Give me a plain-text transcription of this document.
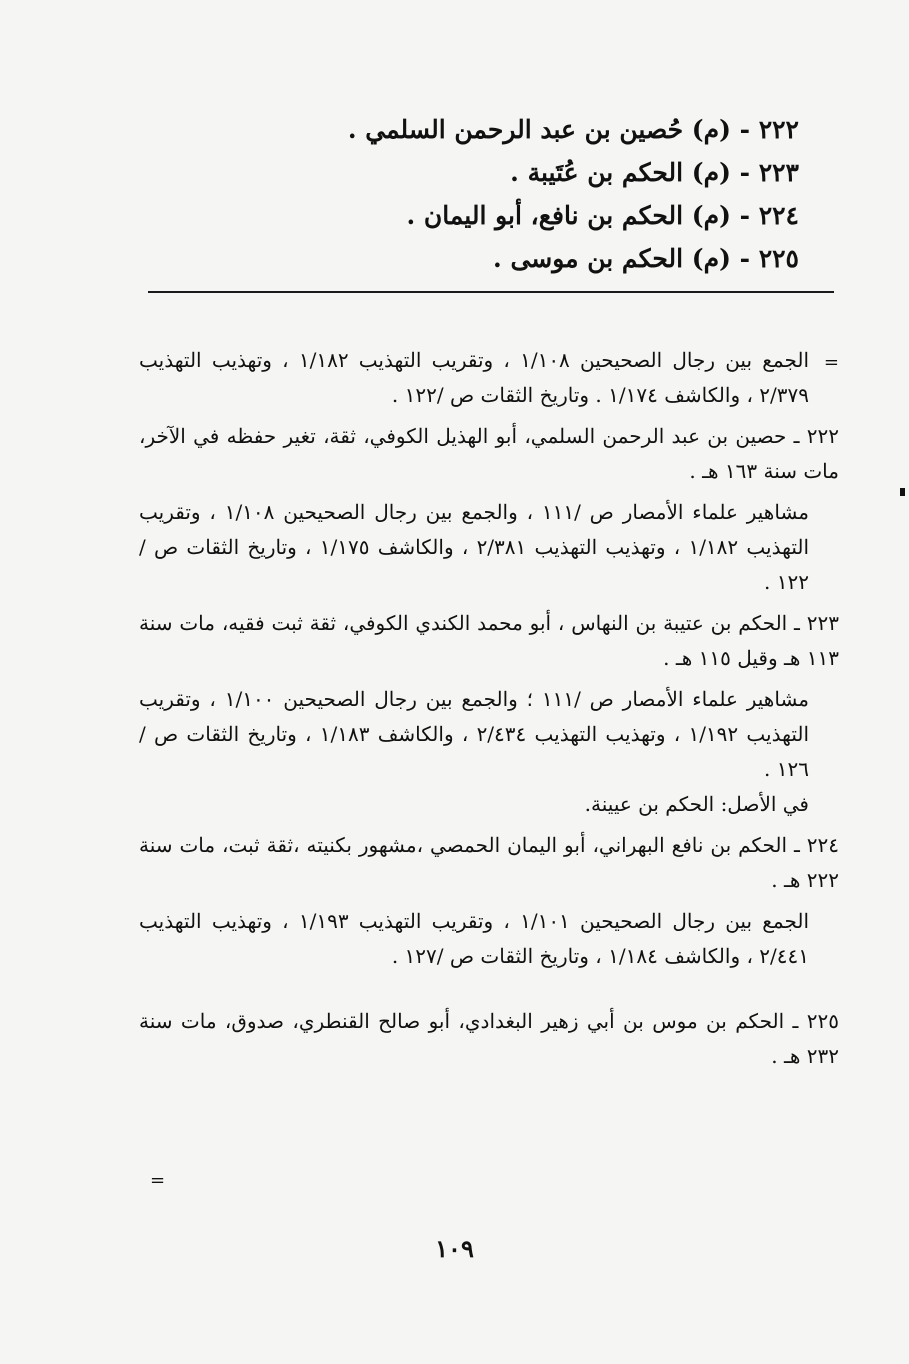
٢٢٢ - (م) حُصين بن عبد الرحمن السلمي .
٢٢٣ - (م) الحكم بن عُتَيبة .
٢٢٤ - (م) الحكم بن نافع، أبو اليمان .
٢٢٥ - (م) الحكم بن موسى .
=
الجمع بين رجال الصحيحين ١/١٠٨ ، وتقريب التهذيب ١/١٨٢ ، وتهذيب التهذيب ٢/٣٧٩ ، والكاشف ١/١٧٤ . وتاريخ الثقات ص /١٢٢ .
٢٢٢ ـ حصين بن عبد الرحمن السلمي، أبو الهذيل الكوفي، ثقة، تغير حفظه في الآخر، مات سنة ١٦٣ هـ .
مشاهير علماء الأمصار ص /١١١ ، والجمع بين رجال الصحيحين ١/١٠٨ ، وتقريب التهذيب ١/١٨٢ ، وتهذيب التهذيب ٢/٣٨١ ، والكاشف ١/١٧٥ ، وتاريخ الثقات ص /١٢٢ .
٢٢٣ ـ الحكم بن عتيبة بن النهاس ، أبو محمد الكندي الكوفي، ثقة ثبت فقيه، مات سنة ١١٣ هـ وقيل ١١٥ هـ .
مشاهير علماء الأمصار ص /١١١ ؛ والجمع بين رجال الصحيحين ١/١٠٠ ، وتقريب التهذيب ١/١٩٢ ، وتهذيب التهذيب ٢/٤٣٤ ، والكاشف ١/١٨٣ ، وتاريخ الثقات ص /١٢٦ .
في الأصل: الحكم بن عيينة.
٢٢٤ ـ الحكم بن نافع البهراني، أبو اليمان الحمصي ،مشهور بكنيته ،ثقة ثبت، مات سنة ٢٢٢ هـ .
الجمع بين رجال الصحيحين ١/١٠١ ، وتقريب التهذيب ١/١٩٣ ، وتهذيب التهذيب ٢/٤٤١ ، والكاشف ١/١٨٤ ، وتاريخ الثقات ص /١٢٧ .
٢٢٥ ـ الحكم بن موس بن أبي زهير البغدادي، أبو صالح القنطري، صدوق، مات سنة ٢٣٢ هـ .
=
١٠٩
